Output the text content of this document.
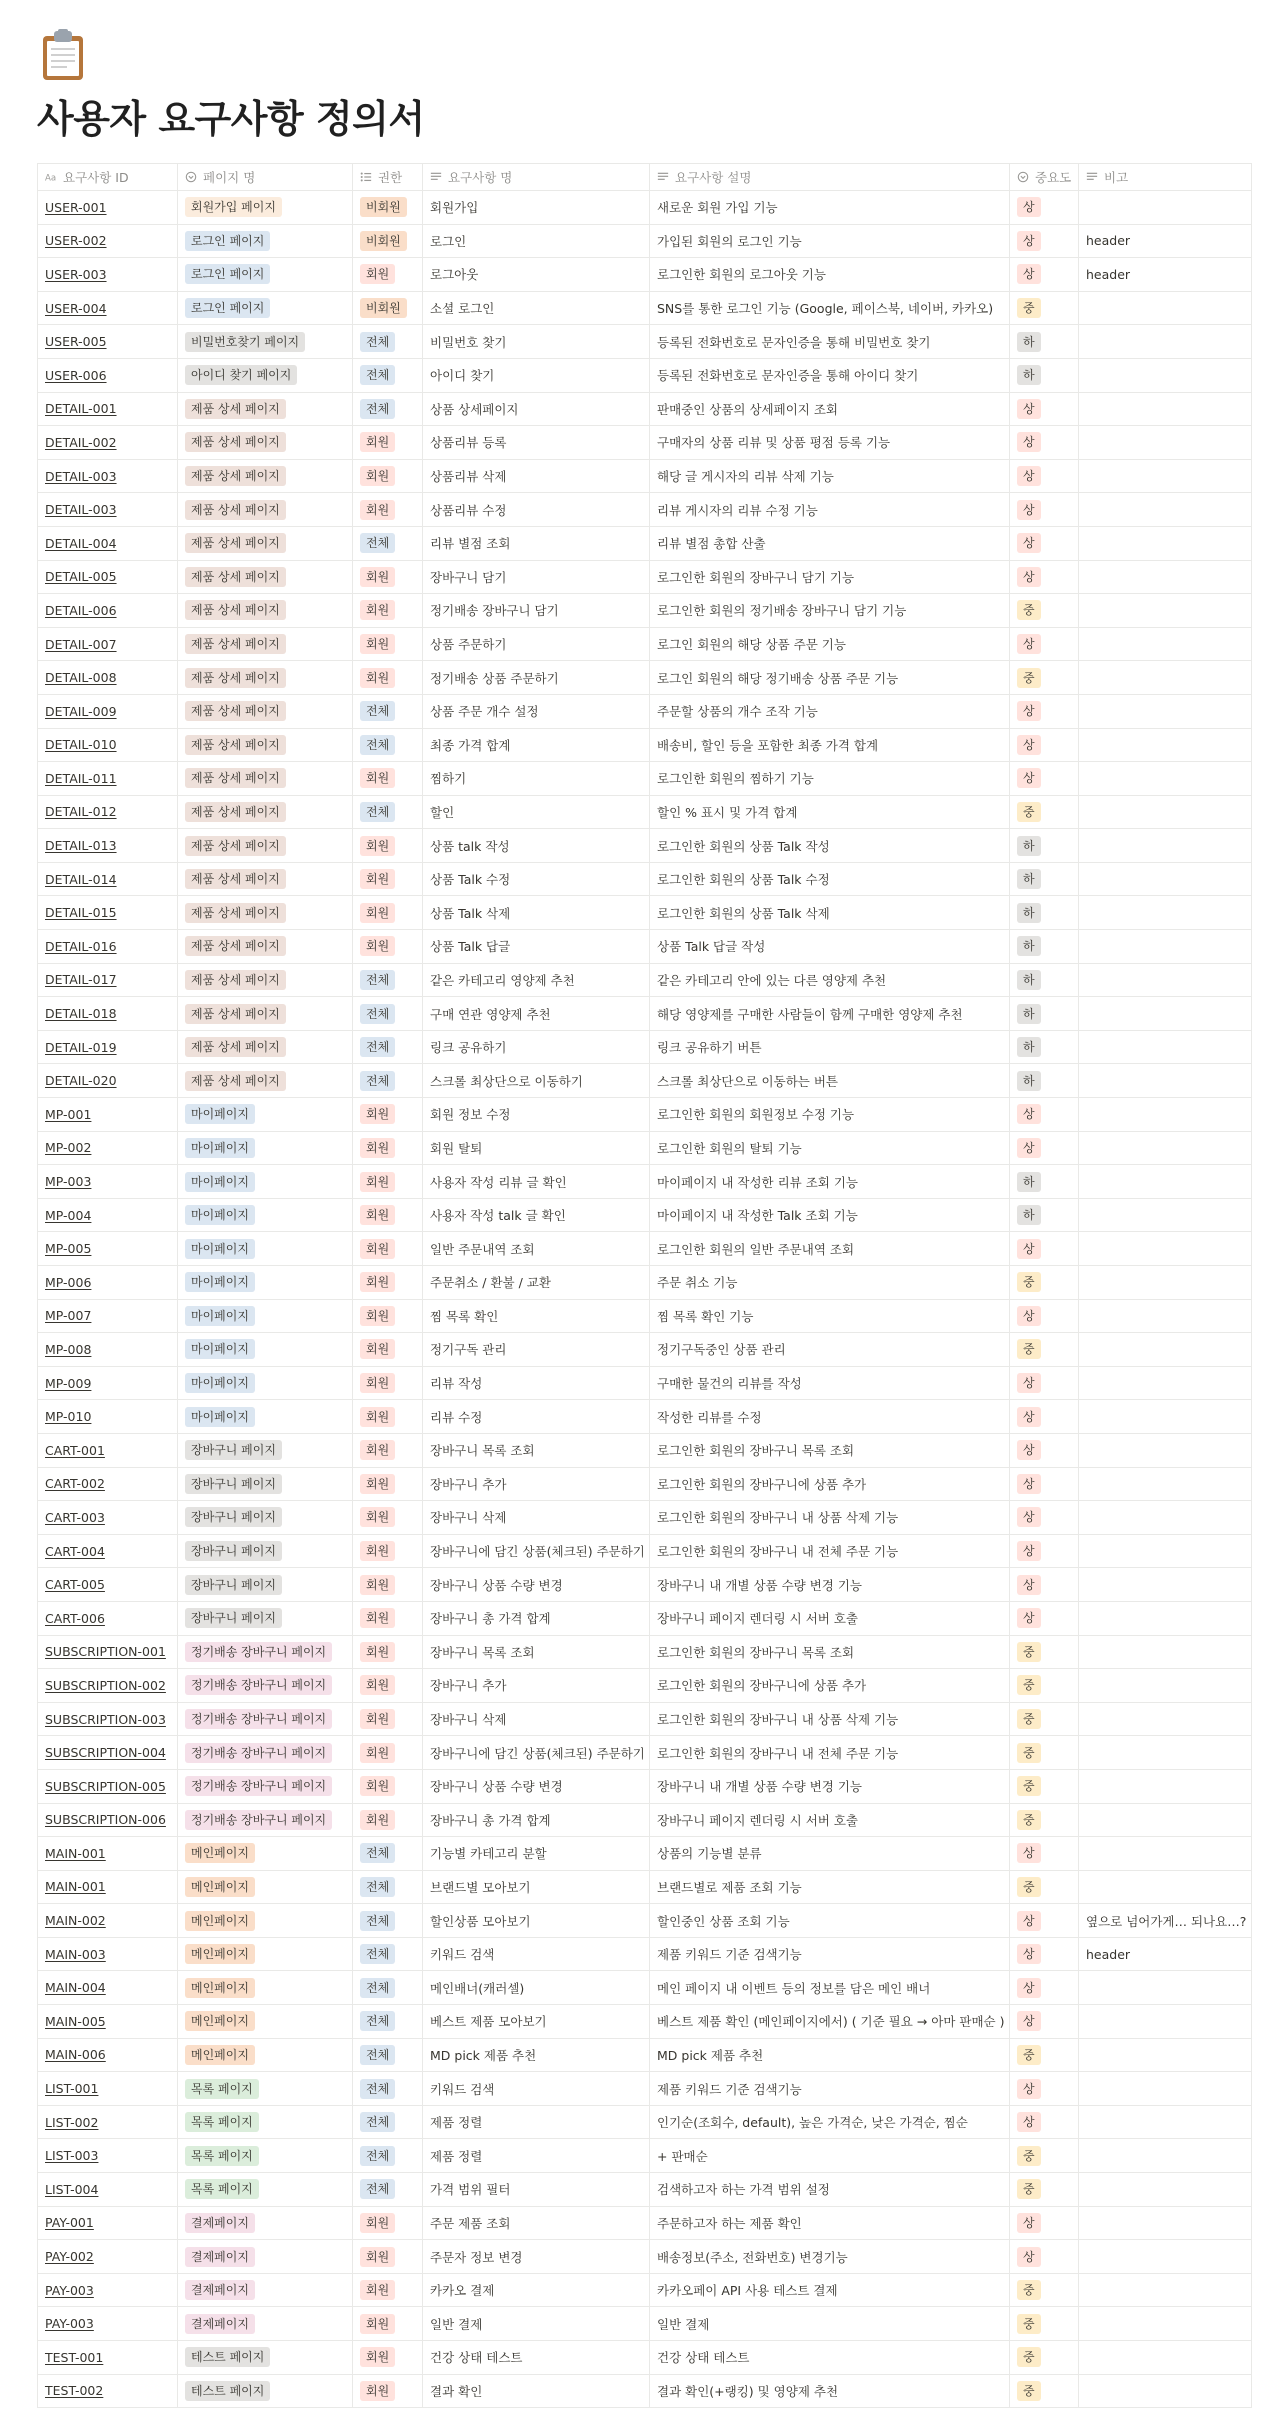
사용자 요구사항 정의서
Aa 요구사항 ID	페이지 명	권한	요구사항 명	요구사항 설명	중요도	비고
USER-001	회원가입 페이지	비회원	회원가입	새로운 회원 가입 기능	상	
USER-002	로그인 페이지	비회원	로그인	가입된 회원의 로그인 기능	상	header
USER-003	로그인 페이지	회원	로그아웃	로그인한 회원의 로그아웃 기능	상	header
USER-004	로그인 페이지	비회원	소셜 로그인	SNS를 통한 로그인 기능 (Google, 페이스북, 네이버, 카카오)	중	
USER-005	비밀번호찾기 페이지	전체	비밀번호 찾기	등록된 전화번호로 문자인증을 통해 비밀번호 찾기	하	
USER-006	아이디 찾기 페이지	전체	아이디 찾기	등록된 전화번호로 문자인증을 통해 아이디 찾기	하	
DETAIL-001	제품 상세 페이지	전체	상품 상세페이지	판매중인 상품의 상세페이지 조회	상	
DETAIL-002	제품 상세 페이지	회원	상품리뷰 등록	구매자의 상품 리뷰 및 상품 평점 등록 기능	상	
DETAIL-003	제품 상세 페이지	회원	상품리뷰 삭제	해당 글 게시자의 리뷰 삭제 기능	상	
DETAIL-003	제품 상세 페이지	회원	상품리뷰 수정	리뷰 게시자의 리뷰 수정 기능	상	
DETAIL-004	제품 상세 페이지	전체	리뷰 별점 조회	리뷰 별점 총합 산출	상	
DETAIL-005	제품 상세 페이지	회원	장바구니 담기	로그인한 회원의 장바구니 담기 기능	상	
DETAIL-006	제품 상세 페이지	회원	정기배송 장바구니 담기	로그인한 회원의 정기배송 장바구니 담기 기능	중	
DETAIL-007	제품 상세 페이지	회원	상품 주문하기	로그인 회원의 해당 상품 주문 기능	상	
DETAIL-008	제품 상세 페이지	회원	정기배송 상품 주문하기	로그인 회원의 해당 정기배송 상품 주문 기능	중	
DETAIL-009	제품 상세 페이지	전체	상품 주문 개수 설정	주문할 상품의 개수 조작 기능	상	
DETAIL-010	제품 상세 페이지	전체	최종 가격 합계	배송비, 할인 등을 포함한 최종 가격 합계	상	
DETAIL-011	제품 상세 페이지	회원	찜하기	로그인한 회원의 찜하기 기능	상	
DETAIL-012	제품 상세 페이지	전체	할인	할인 % 표시 및 가격 합계	중	
DETAIL-013	제품 상세 페이지	회원	상품 talk 작성	로그인한 회원의 상품 Talk 작성	하	
DETAIL-014	제품 상세 페이지	회원	상품 Talk 수정	로그인한 회원의 상품 Talk 수정	하	
DETAIL-015	제품 상세 페이지	회원	상품 Talk 삭제	로그인한 회원의 상품 Talk 삭제	하	
DETAIL-016	제품 상세 페이지	회원	상품 Talk 답글	상품 Talk 답글 작성	하	
DETAIL-017	제품 상세 페이지	전체	같은 카테고리 영양제 추천	같은 카테고리 안에 있는 다른 영양제 추천	하	
DETAIL-018	제품 상세 페이지	전체	구매 연관 영양제 추천	해당 영양제를 구매한 사람들이 함께 구매한 영양제 추천	하	
DETAIL-019	제품 상세 페이지	전체	링크 공유하기	링크 공유하기 버튼	하	
DETAIL-020	제품 상세 페이지	전체	스크롤 최상단으로 이동하기	스크롤 최상단으로 이동하는 버튼	하	
MP-001	마이페이지	회원	회원 정보 수정	로그인한 회원의 회원정보 수정 기능	상	
MP-002	마이페이지	회원	회원 탈퇴	로그인한 회원의 탈퇴 기능	상	
MP-003	마이페이지	회원	사용자 작성 리뷰 글 확인	마이페이지 내 작성한 리뷰 조회 기능	하	
MP-004	마이페이지	회원	사용자 작성 talk 글 확인	마이페이지 내 작성한 Talk 조회 기능	하	
MP-005	마이페이지	회원	일반 주문내역 조회	로그인한 회원의 일반 주문내역 조회	상	
MP-006	마이페이지	회원	주문취소 / 환불 / 교환	주문 취소 기능	중	
MP-007	마이페이지	회원	찜 목록 확인	찜 목록 확인 기능	상	
MP-008	마이페이지	회원	정기구독 관리	정기구독중인 상품 관리	중	
MP-009	마이페이지	회원	리뷰 작성	구매한 물건의 리뷰를 작성	상	
MP-010	마이페이지	회원	리뷰 수정	작성한 리뷰를 수정	상	
CART-001	장바구니 페이지	회원	장바구니 목록 조회	로그인한 회원의 장바구니 목록 조회	상	
CART-002	장바구니 페이지	회원	장바구니 추가	로그인한 회원의 장바구니에 상품 추가	상	
CART-003	장바구니 페이지	회원	장바구니 삭제	로그인한 회원의 장바구니 내 상품 삭제 기능	상	
CART-004	장바구니 페이지	회원	장바구니에 담긴 상품(체크된) 주문하기	로그인한 회원의 장바구니 내 전체 주문 기능	상	
CART-005	장바구니 페이지	회원	장바구니 상품 수량 변경	장바구니 내 개별 상품 수량 변경 기능	상	
CART-006	장바구니 페이지	회원	장바구니 총 가격 합계	장바구니 페이지 렌더링 시 서버 호출	상	
SUBSCRIPTION-001	정기배송 장바구니 페이지	회원	장바구니 목록 조회	로그인한 회원의 장바구니 목록 조회	중	
SUBSCRIPTION-002	정기배송 장바구니 페이지	회원	장바구니 추가	로그인한 회원의 장바구니에 상품 추가	중	
SUBSCRIPTION-003	정기배송 장바구니 페이지	회원	장바구니 삭제	로그인한 회원의 장바구니 내 상품 삭제 기능	중	
SUBSCRIPTION-004	정기배송 장바구니 페이지	회원	장바구니에 담긴 상품(체크된) 주문하기	로그인한 회원의 장바구니 내 전체 주문 기능	중	
SUBSCRIPTION-005	정기배송 장바구니 페이지	회원	장바구니 상품 수량 변경	장바구니 내 개별 상품 수량 변경 기능	중	
SUBSCRIPTION-006	정기배송 장바구니 페이지	회원	장바구니 총 가격 합계	장바구니 페이지 렌더링 시 서버 호출	중	
MAIN-001	메인페이지	전체	기능별 카테고리 분할	상품의 기능별 분류	상	
MAIN-001	메인페이지	전체	브랜드별 모아보기	브랜드별로 제품 조회 기능	중	
MAIN-002	메인페이지	전체	할인상품 모아보기	할인중인 상품 조회 기능	상	옆으로 넘어가게… 되나요…?
MAIN-003	메인페이지	전체	키워드 검색	제품 키워드 기준 검색기능	상	header
MAIN-004	메인페이지	전체	메인배너(캐러셀)	메인 페이지 내 이벤트 등의 정보를 담은 메인 배너	상	
MAIN-005	메인페이지	전체	베스트 제품 모아보기	베스트 제품 확인 (메인페이지에서) ( 기준 필요 → 아마 판매순 )	상	
MAIN-006	메인페이지	전체	MD pick 제품 추천	MD pick 제품 추천	중	
LIST-001	목록 페이지	전체	키워드 검색	제품 키워드 기준 검색기능	상	
LIST-002	목록 페이지	전체	제품 정렬	인기순(조회수, default), 높은 가격순, 낮은 가격순, 찜순	상	
LIST-003	목록 페이지	전체	제품 정렬	+ 판매순	중	
LIST-004	목록 페이지	전체	가격 범위 필터	검색하고자 하는 가격 범위 설정	중	
PAY-001	결제페이지	회원	주문 제품 조회	주문하고자 하는 제품 확인	상	
PAY-002	결제페이지	회원	주문자 정보 변경	배송정보(주소, 전화번호) 변경기능	상	
PAY-003	결제페이지	회원	카카오 결제	카카오페이 API 사용 테스트 결제	중	
PAY-003	결제페이지	회원	일반 결제	일반 결제	중	
TEST-001	테스트 페이지	회원	건강 상태 테스트	건강 상태 테스트	중	
TEST-002	테스트 페이지	회원	결과 확인	결과 확인(+랭킹) 및 영양제 추천	중	
